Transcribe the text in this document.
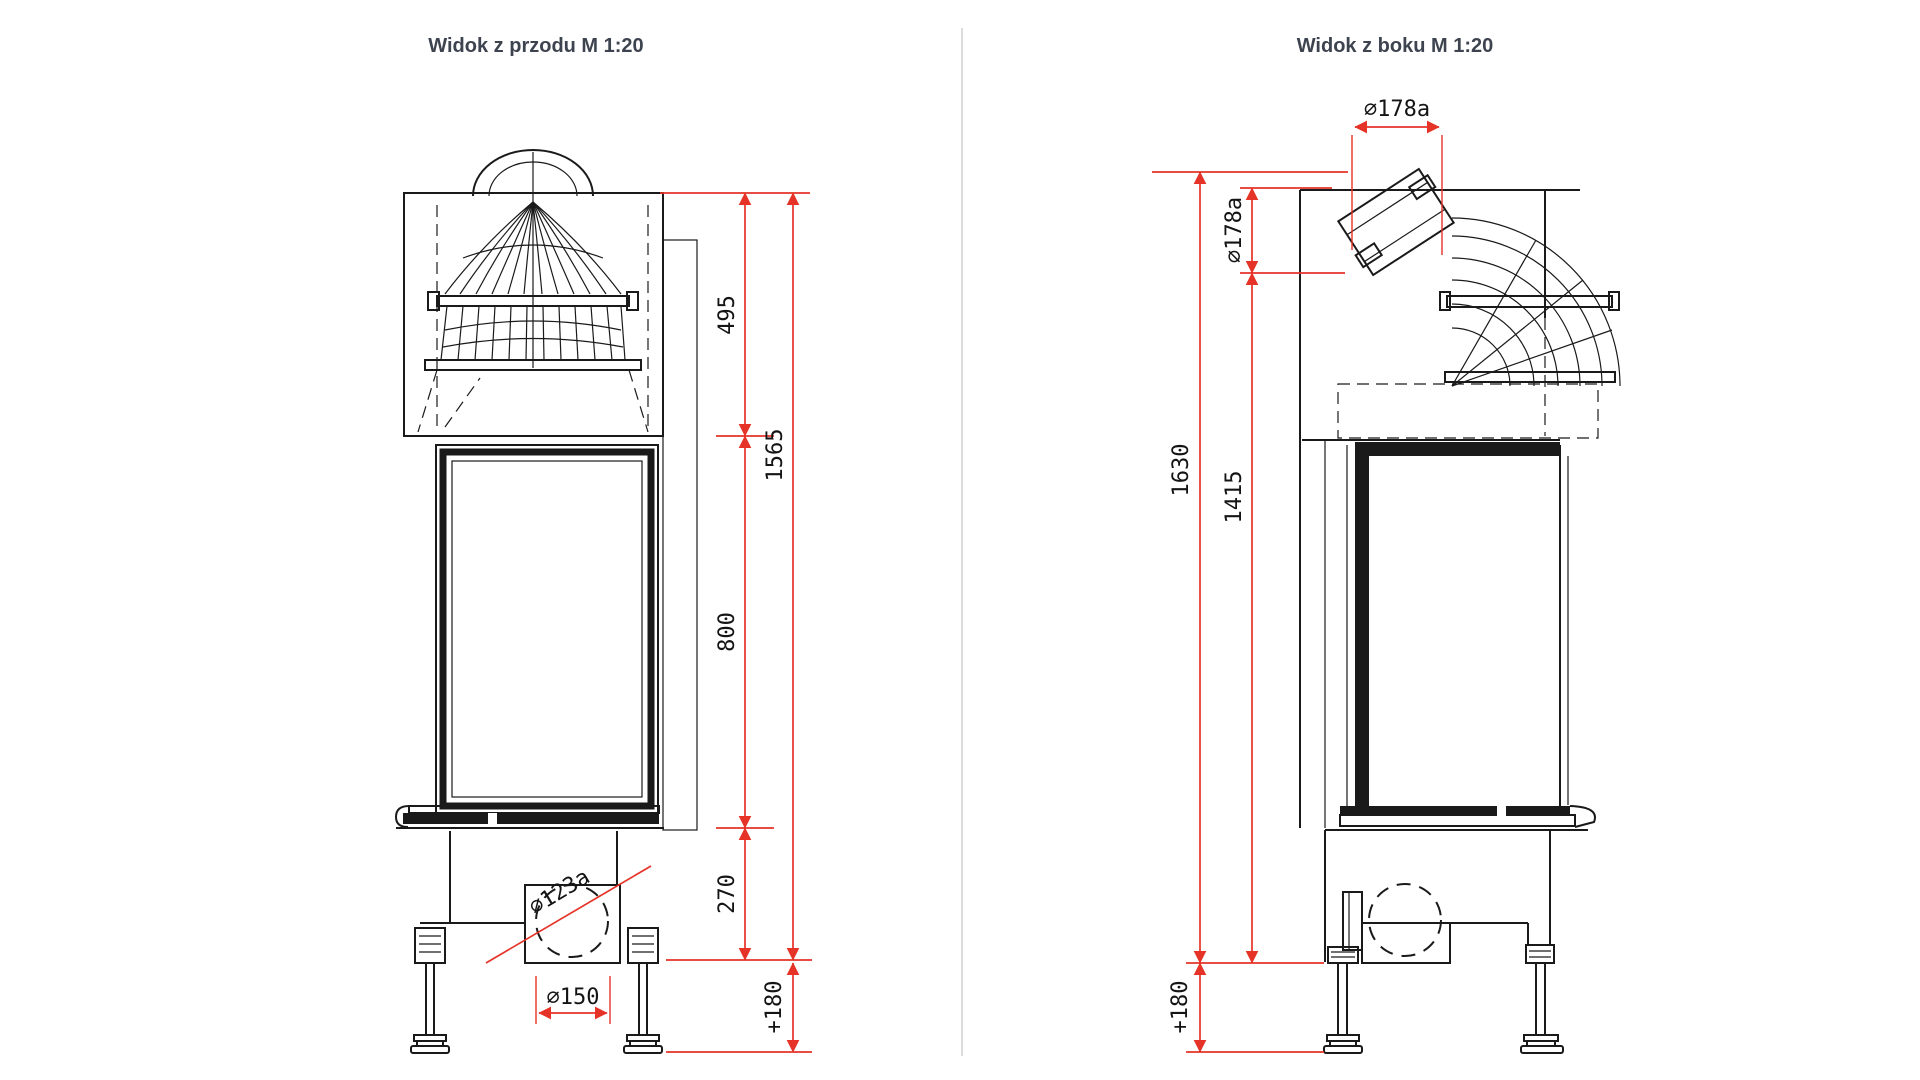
Widok z przodu M 1:20
⌀123a
495
800
270
1565
+180
⌀150
Widok z boku M 1:20
⌀178a
⌀178a
1630
1415
+180
